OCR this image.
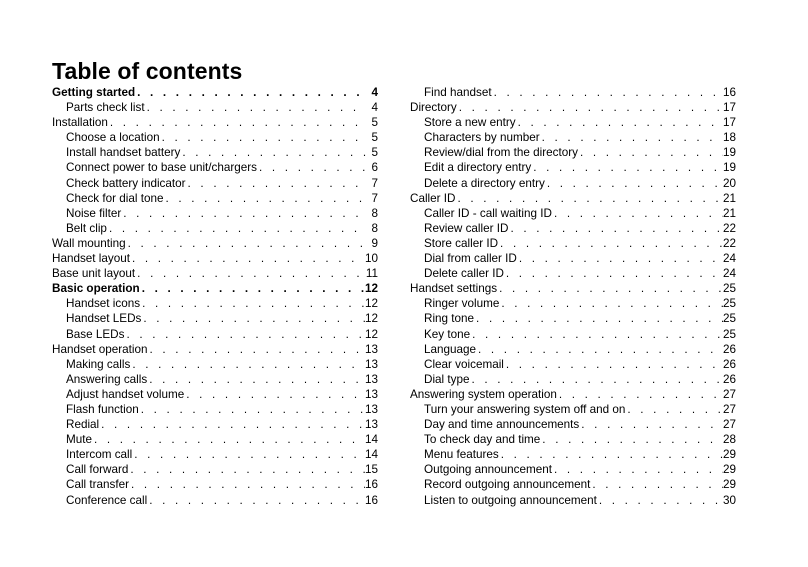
Table of contents
Getting started . . .	4
Parts check list . . .	4
Installation . . .	5
Choose a location . . .	5
Install handset battery . . .	5
Connect power to base unit/chargers . . .	6
Check battery indicator . . .	7
Check for dial tone . . .	7
Noise filter . . .	8
Belt clip . . .	8
Wall mounting . . .	9
Handset layout . . .	10
Base unit layout . . .	11
Basic operation . . .	12
Handset icons . . .	12
Handset LEDs . . .	12
Base LEDs . . .	12
Handset operation . . .	13
Making calls . . .	13
Answering calls . . .	13
Adjust handset volume . . .	13
Flash function . . .	13
Redial . . .	13
Mute . . .	14
Intercom call . . .	14
Call forward . . .	15
Call transfer . . .	16
Conference call . . .	16
Find handset . . .	16
Directory . . .	17
Store a new entry . . .	17
Characters by number . . .	18
Review/dial from the directory . . .	19
Edit a directory entry . . .	19
Delete a directory entry . . .	20
Caller ID . . .	21
Caller ID - call waiting ID . . .	21
Review caller ID . . .	22
Store caller ID . . .	22
Dial from caller ID . . .	24
Delete caller ID . . .	24
Handset settings . . .	25
Ringer volume . . .	25
Ring tone . . .	25
Key tone . . .	25
Language . . .	26
Clear voicemail . . .	26
Dial type . . .	26
Answering system operation . . .	27
Turn your answering system off and on . . .	27
Day and time announcements . . .	27
To check day and time . . .	28
Menu features . . .	29
Outgoing announcement . . .	29
Record outgoing announcement . . .	29
Listen to outgoing announcement . . .	30
